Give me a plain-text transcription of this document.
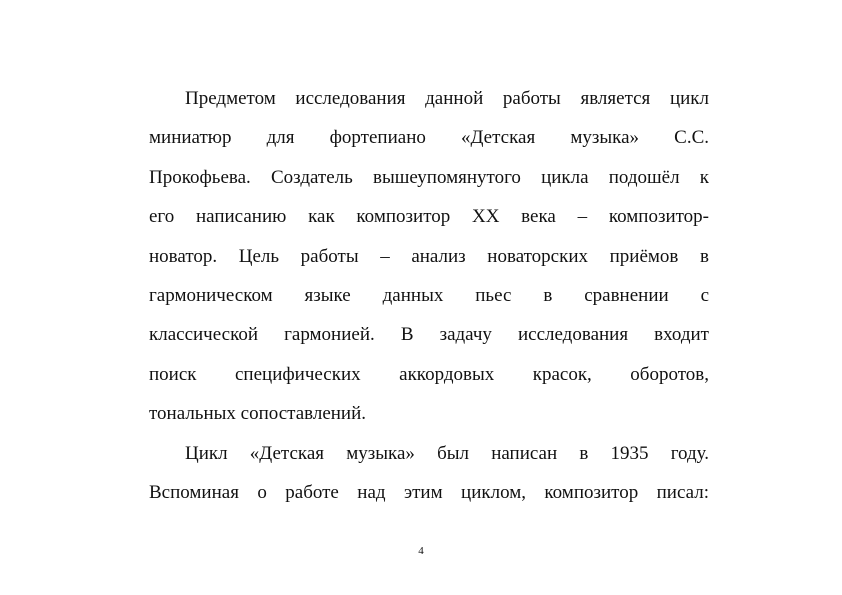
Предметом исследования данной работы является цикл
миниатюр для фортепиано «Детская музыка» С.С.
Прокофьева. Создатель вышеупомянутого цикла подошёл к
его написанию как композитор XX века – композитор-
новатор. Цель работы – анализ новаторских приёмов в
гармоническом языке данных пьес в сравнении с
классической гармонией. В задачу исследования входит
поиск специфических аккордовых красок, оборотов,
тональных сопоставлений.
Цикл «Детская музыка» был написан в 1935 году.
Вспоминая о работе над этим циклом, композитор писал:
4
